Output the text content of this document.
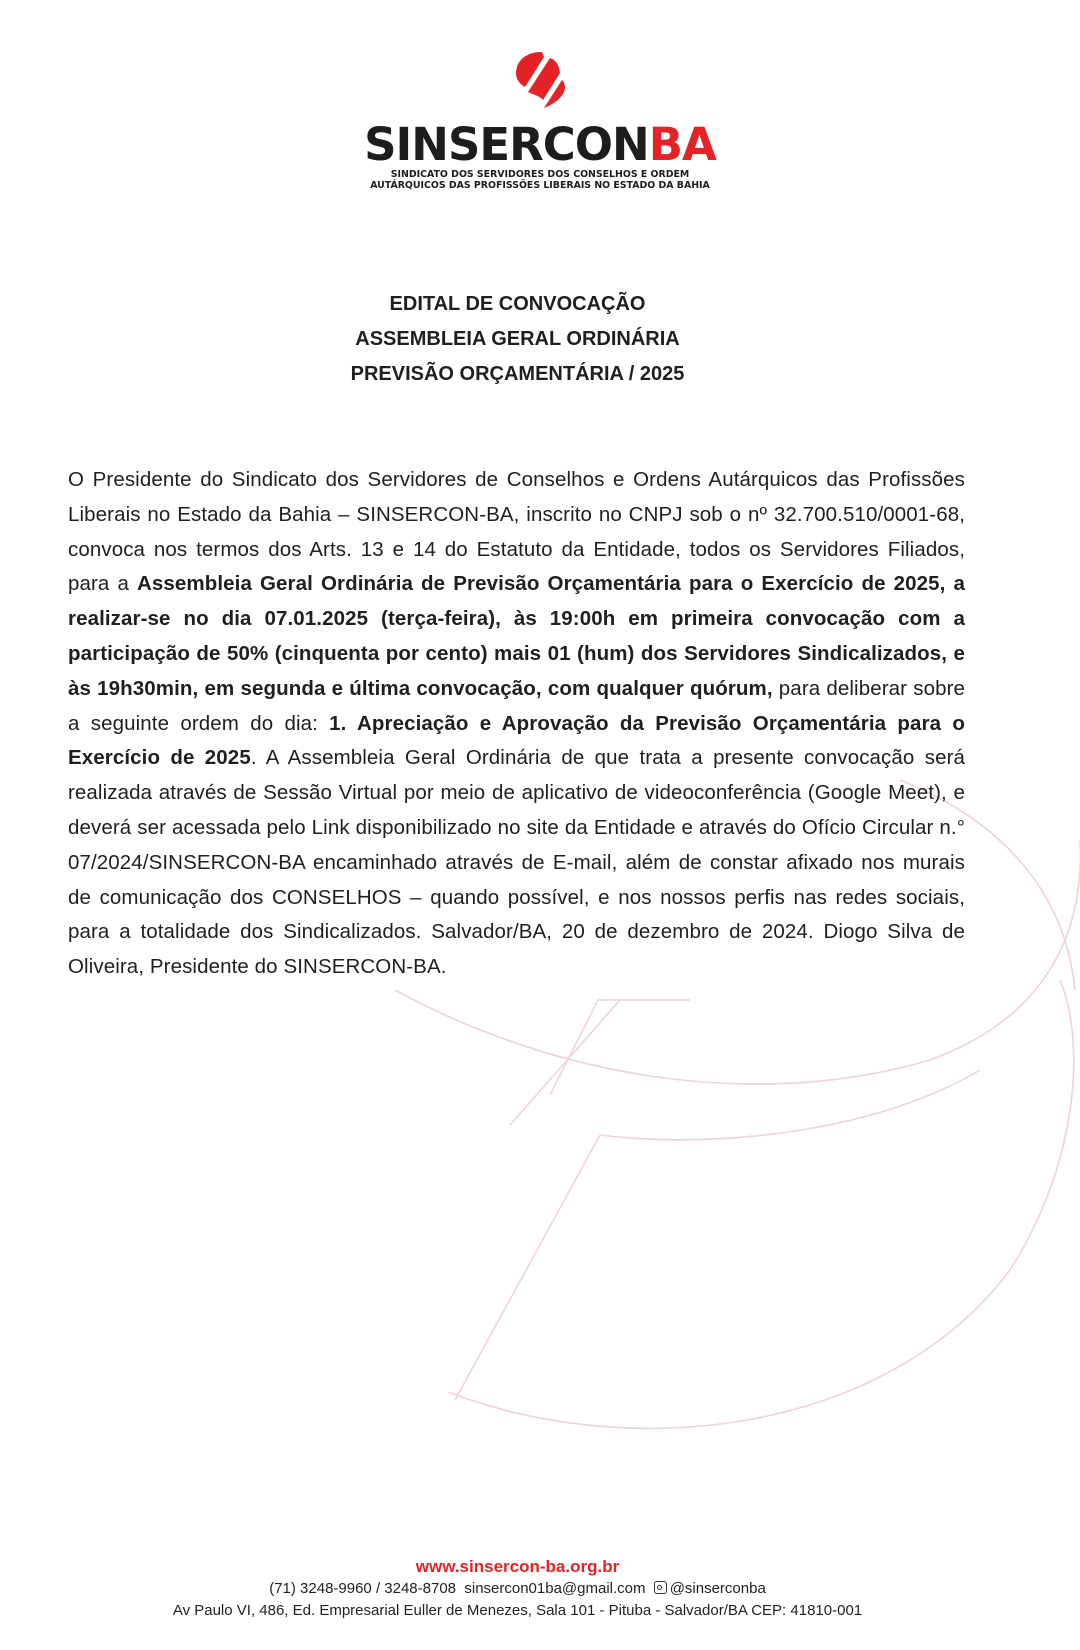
SINSERCONBA
SINDICATO DOS SERVIDORES DOS CONSELHOS E ORDEM
AUTÁRQUICOS DAS PROFISSÕES LIBERAIS NO ESTADO DA BAHIA
EDITAL DE CONVOCAÇÃO
ASSEMBLEIA GERAL ORDINÁRIA
PREVISÃO ORÇAMENTÁRIA / 2025
O Presidente do Sindicato dos Servidores de Conselhos e Ordens Autárquicos das Profissões Liberais no Estado da Bahia – SINSERCON-BA, inscrito no CNPJ sob o nº 32.700.510/0001-68, convoca nos termos dos Arts. 13 e 14 do Estatuto da Entidade, todos os Servidores Filiados, para a Assembleia Geral Ordinária de Previsão Orçamentária para o Exercício de 2025, a realizar-se no dia 07.01.2025 (terça-feira), às 19:00h em primeira convocação com a participação de 50% (cinquenta por cento) mais 01 (hum) dos Servidores Sindicalizados, e às 19h30min, em segunda e última convocação, com qualquer quórum, para deliberar sobre a seguinte ordem do dia: 1. Apreciação e Aprovação da Previsão Orçamentária para o Exercício de 2025. A Assembleia Geral Ordinária de que trata a presente convocação será realizada através de Sessão Virtual por meio de aplicativo de videoconferência (Google Meet), e deverá ser acessada pelo Link disponibilizado no site da Entidade e através do Ofício Circular n.° 07/2024/SINSERCON-BA encaminhado através de E-mail, além de constar afixado nos murais de comunicação dos CONSELHOS – quando possível, e nos nossos perfis nas redes sociais, para a totalidade dos Sindicalizados. Salvador/BA, 20 de dezembro de 2024. Diogo Silva de Oliveira, Presidente do SINSERCON-BA.
www.sinsercon-ba.org.br
(71) 3248-9960 / 3248-8708 sinsercon01ba@gmail.com @sinserconba
Av Paulo VI, 486, Ed. Empresarial Euller de Menezes, Sala 101 - Pituba - Salvador/BA CEP: 41810-001
